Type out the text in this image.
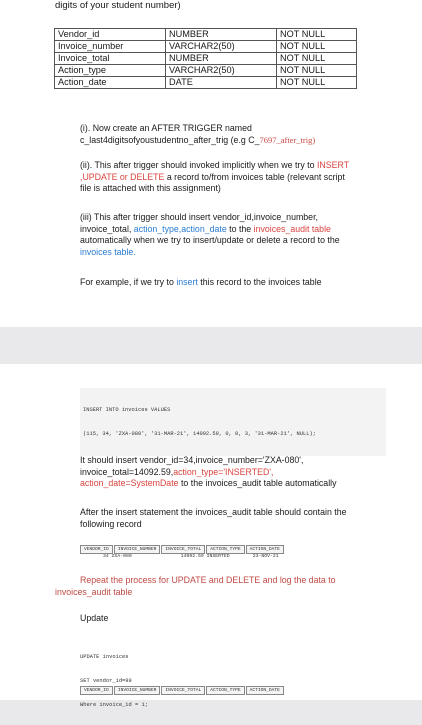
digits of your student number)
Vendor_id	NUMBER	NOT NULL
Invoice_number	VARCHAR2(50)	NOT NULL
Invoice_total	NUMBER	NOT NULL
Action_type	VARCHAR2(50)	NOT NULL
Action_date	DATE	NOT NULL
(i). Now create an AFTER TRIGGER named
c_last4digitsofyoustudentno_after_trig (e.g C_7697_after_trig)
(ii). This after trigger should invoked implicitly when we try to INSERT
,UPDATE or DELETE a record to/from invoices table (relevant script
file is attached with this assignment)
(iii) This after trigger should insert vendor_id,invoice_number,
invoice_total, action_type,action_date to the invoices_audit table
automatically when we try to insert/update or delete a record to the
invoices table.
For example, if we try to insert this record to the invoices table

INSERT INTO invoices VALUES

(115, 34, 'ZXA-080', '31-MAR-21', 14092.59, 0, 0, 3, '31-MAR-21', NULL);

It should insert vendor_id=34,invoice_number='ZXA-080',
invoice_total=14092.59,action_type='INSERTED',
action_date=SystemDate to the invoices_audit table automatically
After the insert statement the invoices_audit table should contain the
following record
VENDOR_ID	INVOICE_NUMBER	INVOICE_TOTAL	ACTION_TYPE	ACTION_DATE
34 ZXA-080                 14092.59 INSERTED        23-NOV-21
Repeat the process for UPDATE and DELETE and log the data to
invoices_audit table
Update

UPDATE invoices

SET vendor_id=99

Where invoice_id = 1;

VENDOR_ID	INVOICE_NUMBER	INVOICE_TOTAL	ACTION_TYPE	ACTION_DATE
